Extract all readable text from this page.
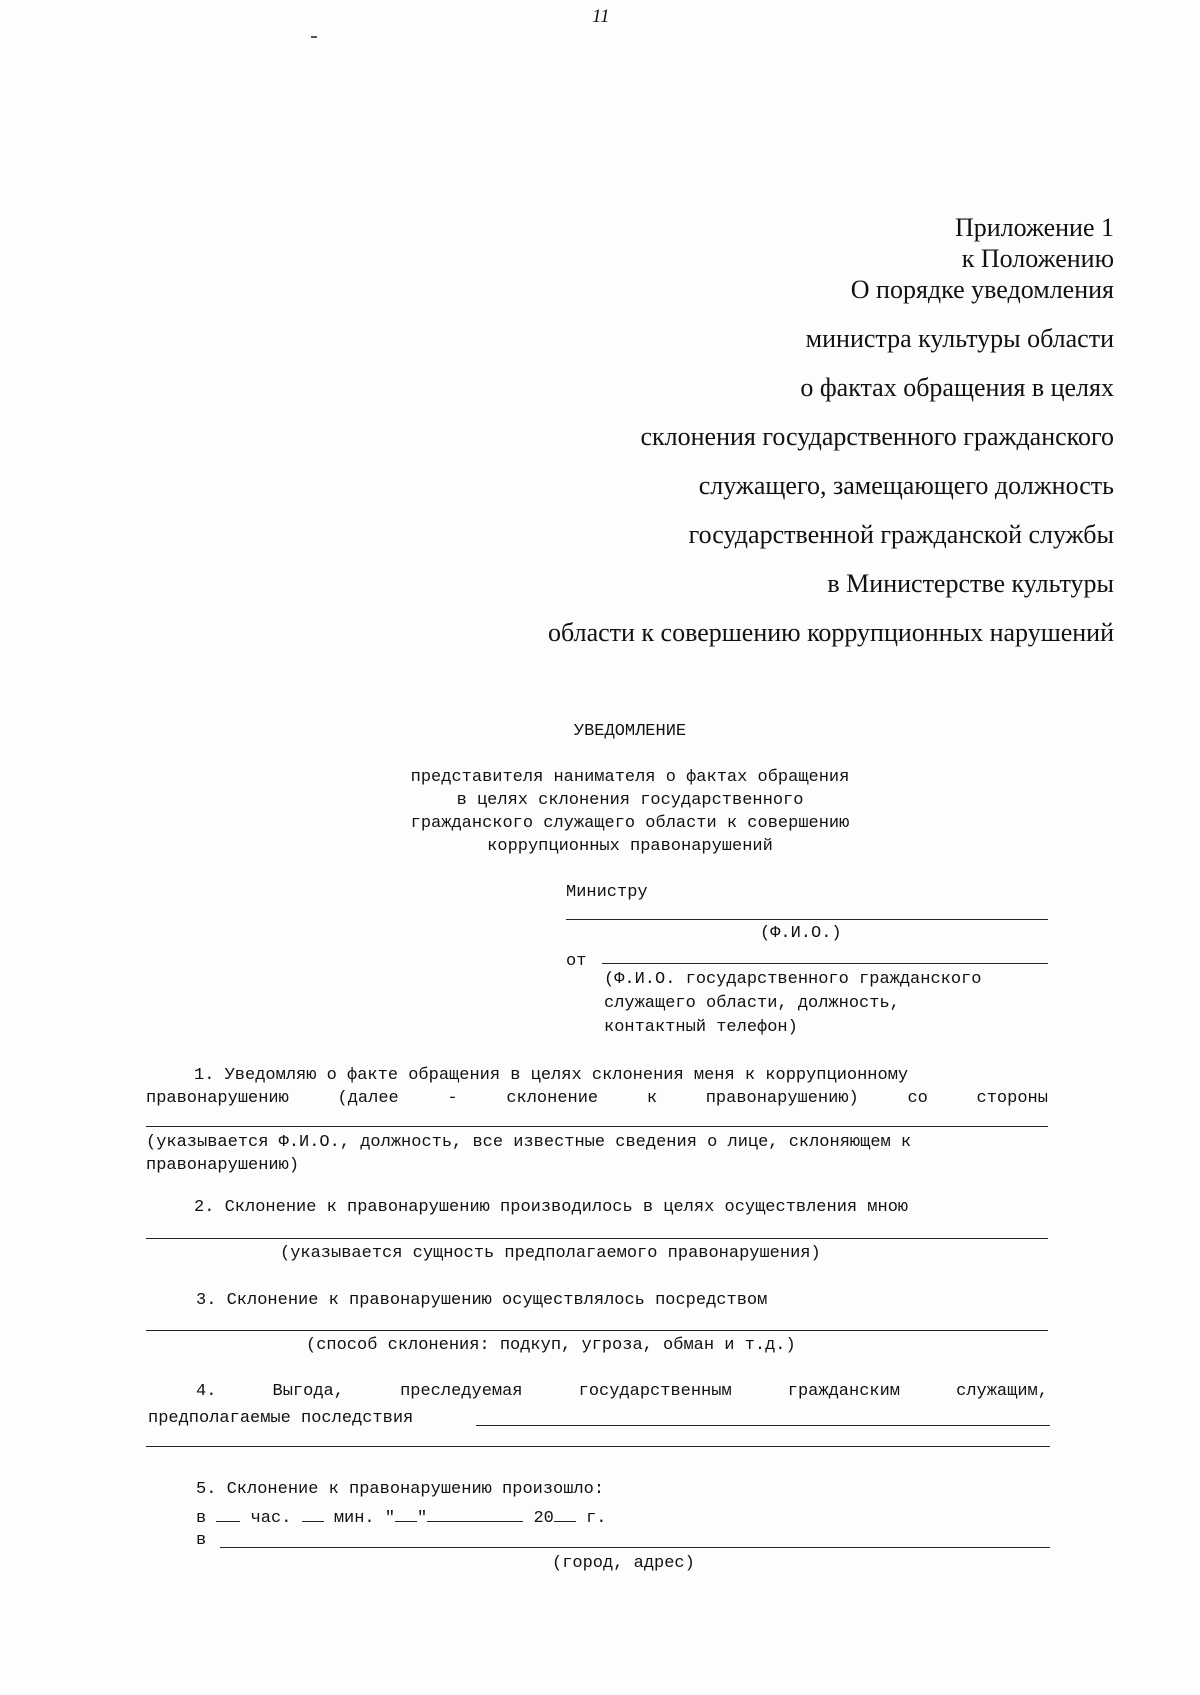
11
Приложение 1
к Положению
О порядке уведомления
министра культуры области
о фактах обращения в целях
склонения государственного гражданского
служащего, замещающего должность
государственной гражданской службы
в Министерстве культуры
области к совершению коррупционных нарушений
УВЕДОМЛЕНИЕ
представителя нанимателя о фактах обращения
в целях склонения государственного
гражданского служащего области к совершению
коррупционных правонарушений
Министру
(Ф.И.О.)
от
(Ф.И.О. государственного гражданского
служащего области, должность,
контактный телефон)
1. Уведомляю о факте обращения в целях склонения меня к коррупционному
правонарушению	(далее	-	склонение	к	правонарушению)	со	стороны
(указывается Ф.И.О., должность, все известные сведения о лице, склоняющем к
правонарушению)
2. Склонение к правонарушению производилось в целях осуществления мною
(указывается сущность предполагаемого правонарушения)
3. Склонение к правонарушению осуществлялось посредством
(способ склонения: подкуп, угроза, обман и т.д.)
4.	Выгода,	преследуемая	государственным	гражданским	служащим,
предполагаемые последствия
5. Склонение к правонарушению произошло:
в	час. мин. " "	20 г.
в
(город, адрес)
